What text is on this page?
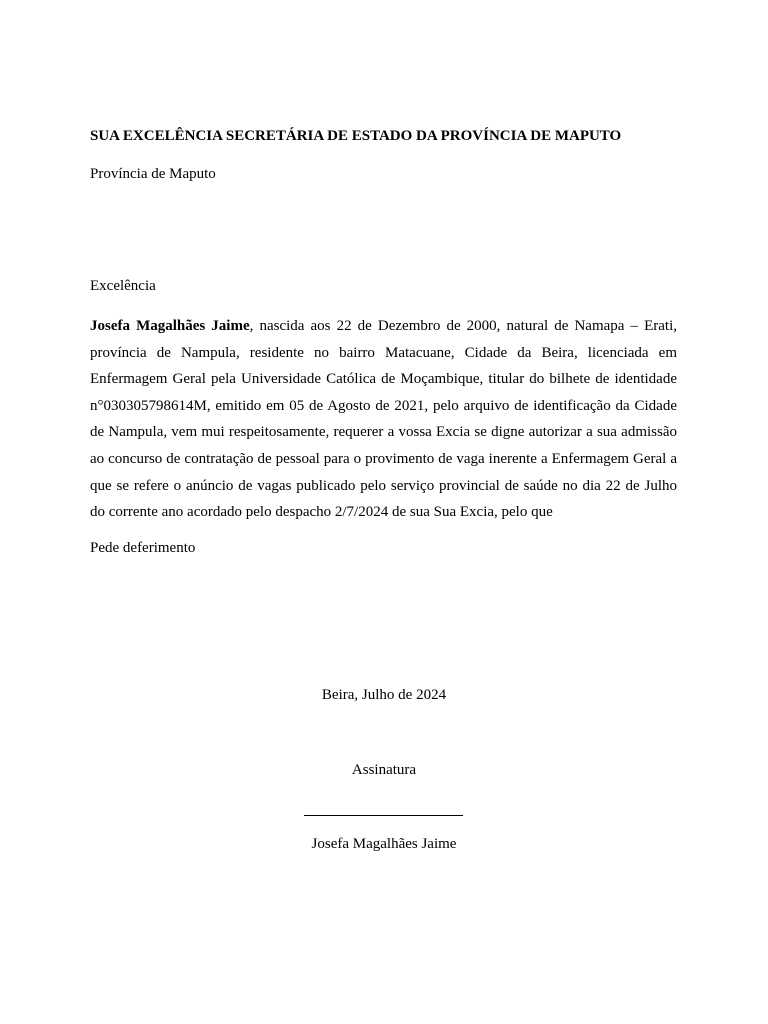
SUA EXCELÊNCIA SECRETÁRIA DE ESTADO DA PROVÍNCIA DE MAPUTO
Província de Maputo
Excelência
Josefa Magalhães Jaime, nascida aos 22 de Dezembro de 2000, natural de Namapa – Erati, província de Nampula, residente no bairro Matacuane, Cidade da Beira, licenciada em Enfermagem Geral pela Universidade Católica de Moçambique, titular do bilhete de identidade n°030305798614M, emitido em 05 de Agosto de 2021, pelo arquivo de identificação da Cidade de Nampula, vem mui respeitosamente, requerer a vossa Excia se digne autorizar a sua admissão ao concurso de contratação de pessoal para o provimento de vaga inerente a Enfermagem Geral a que se refere o anúncio de vagas publicado pelo serviço provincial de saúde no dia 22 de Julho do corrente ano acordado pelo despacho 2/7/2024 de sua Sua Excia, pelo que
Pede deferimento
Beira, Julho de 2024
Assinatura
Josefa Magalhães Jaime
